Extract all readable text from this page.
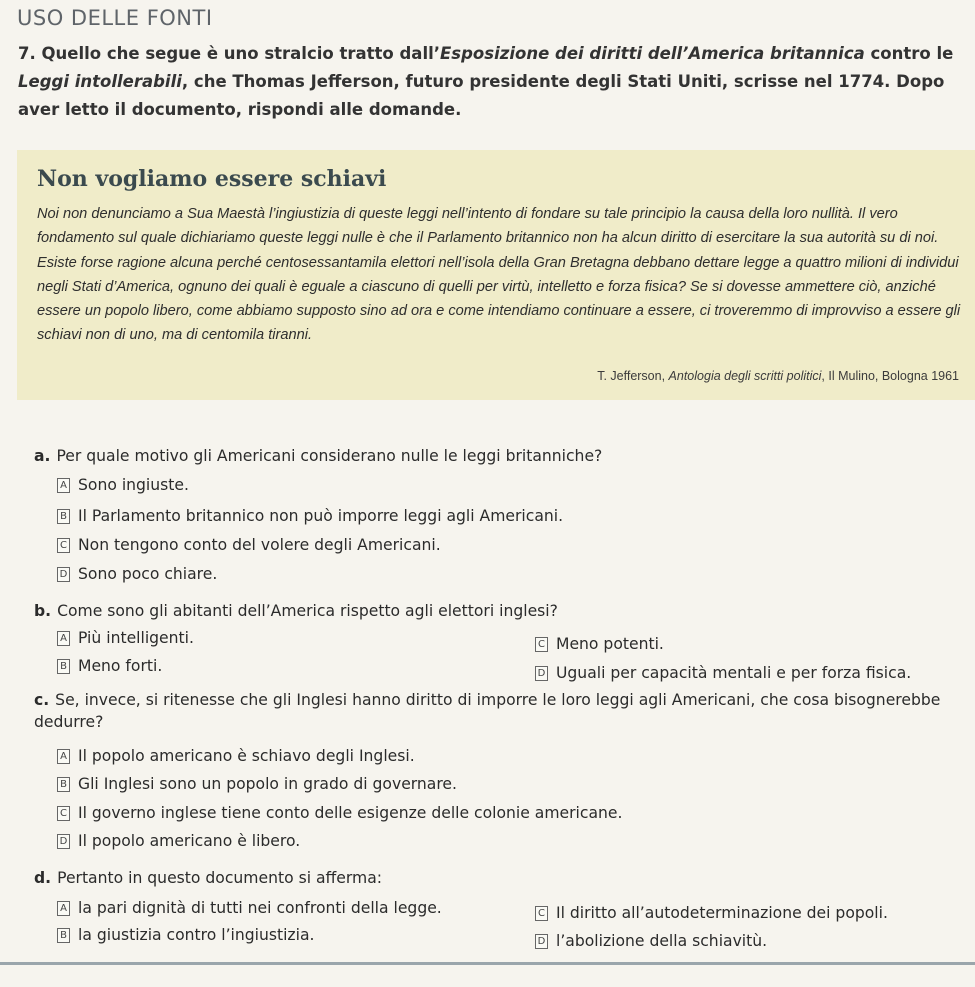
USO DELLE FONTI
7. Quello che segue è uno stralcio tratto dall’Esposizione dei diritti dell’America britannica contro le Leggi intollerabili, che Thomas Jefferson, futuro presidente degli Stati Uniti, scrisse nel 1774. Dopo aver letto il documento, rispondi alle domande.
Non vogliamo essere schiavi

Noi non denunciamo a Sua Maestà l’ingiustizia di queste leggi nell’intento di fondare su tale principio la causa della loro nullità. Il vero fondamento sul quale dichiariamo queste leggi nulle è che il Parlamento britannico non ha alcun diritto di esercitare la sua autorità su di noi.

Esiste forse ragione alcuna perché centosessantamila elettori nell’isola della Gran Bretagna debbano dettare legge a quattro milioni di individui negli Stati d’America, ognuno dei quali è eguale a ciascuno di quelli per virtù, intelletto e forza fisica? Se si dovesse ammettere ciò, anziché essere un popolo libero, come abbiamo supposto sino ad ora e come intendiamo continuare a essere, ci troveremmo di improvviso a essere gli schiavi non di uno, ma di centomila tiranni.

T. Jefferson, Antologia degli scritti politici, Il Mulino, Bologna 1961
a. Per quale motivo gli Americani considerano nulle le leggi britanniche?
A Sono ingiuste.
B Il Parlamento britannico non può imporre leggi agli Americani.
C Non tengono conto del volere degli Americani.
D Sono poco chiare.
b. Come sono gli abitanti dell’America rispetto agli elettori inglesi?
A Più intelligenti.
B Meno forti.
C Meno potenti.
D Uguali per capacità mentali e per forza fisica.
c. Se, invece, si ritenesse che gli Inglesi hanno diritto di imporre le loro leggi agli Americani, che cosa bisognerebbe dedurre?
A Il popolo americano è schiavo degli Inglesi.
B Gli Inglesi sono un popolo in grado di governare.
C Il governo inglese tiene conto delle esigenze delle colonie americane.
D Il popolo americano è libero.
d. Pertanto in questo documento si afferma:
A la pari dignità di tutti nei confronti della legge.
B la giustizia contro l’ingiustizia.
C Il diritto all’autodeterminazione dei popoli.
D l’abolizione della schiavitù.
